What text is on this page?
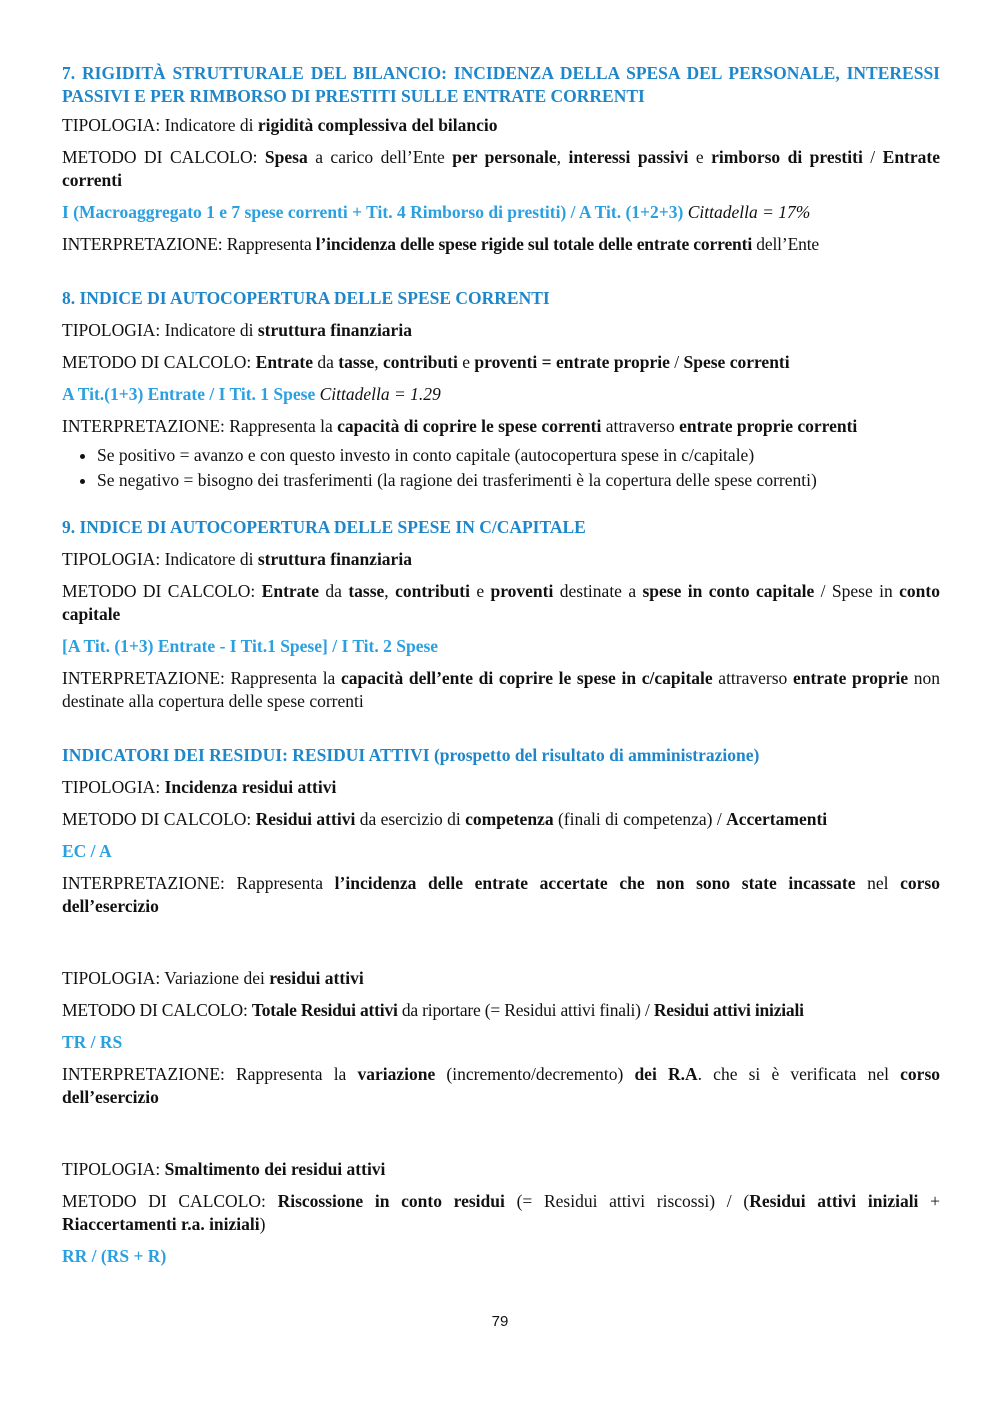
7. RIGIDITÀ STRUTTURALE DEL BILANCIO: INCIDENZA DELLA SPESA DEL PERSONALE, INTERESSI PASSIVI E PER RIMBORSO DI PRESTITI SULLE ENTRATE CORRENTI
TIPOLOGIA: Indicatore di rigidità complessiva del bilancio
METODO DI CALCOLO: Spesa a carico dell’Ente per personale, interessi passivi e rimborso di prestiti / Entrate correnti
I (Macroaggregato 1 e 7 spese correnti + Tit. 4 Rimborso di prestiti) / A Tit. (1+2+3) Cittadella = 17%
INTERPRETAZIONE: Rappresenta l’incidenza delle spese rigide sul totale delle entrate correnti dell’Ente
8. INDICE DI AUTOCOPERTURA DELLE SPESE CORRENTI
TIPOLOGIA: Indicatore di struttura finanziaria
METODO DI CALCOLO: Entrate da tasse, contributi e proventi = entrate proprie / Spese correnti
A Tit.(1+3) Entrate / I Tit. 1 Spese Cittadella = 1.29
INTERPRETAZIONE: Rappresenta la capacità di coprire le spese correnti attraverso entrate proprie correnti
• Se positivo = avanzo e con questo investo in conto capitale (autocopertura spese in c/capitale)
• Se negativo = bisogno dei trasferimenti (la ragione dei trasferimenti è la copertura delle spese correnti)
9. INDICE DI AUTOCOPERTURA DELLE SPESE IN C/CAPITALE
TIPOLOGIA: Indicatore di struttura finanziaria
METODO DI CALCOLO: Entrate da tasse, contributi e proventi destinate a spese in conto capitale / Spese in conto capitale
[A Tit. (1+3) Entrate - I Tit.1 Spese] / I Tit. 2 Spese
INTERPRETAZIONE: Rappresenta la capacità dell’ente di coprire le spese in c/capitale attraverso entrate proprie non destinate alla copertura delle spese correnti
INDICATORI DEI RESIDUI: RESIDUI ATTIVI (prospetto del risultato di amministrazione)
TIPOLOGIA: Incidenza residui attivi
METODO DI CALCOLO: Residui attivi da esercizio di competenza (finali di competenza) / Accertamenti
EC / A
INTERPRETAZIONE: Rappresenta l’incidenza delle entrate accertate che non sono state incassate nel corso dell’esercizio
TIPOLOGIA: Variazione dei residui attivi
METODO DI CALCOLO: Totale Residui attivi da riportare (= Residui attivi finali) / Residui attivi iniziali
TR / RS
INTERPRETAZIONE: Rappresenta la variazione (incremento/decremento) dei R.A. che si è verificata nel corso dell’esercizio
TIPOLOGIA: Smaltimento dei residui attivi
METODO DI CALCOLO: Riscossione in conto residui (= Residui attivi riscossi) / (Residui attivi iniziali + Riaccertamenti r.a. iniziali)
RR / (RS + R)
79
